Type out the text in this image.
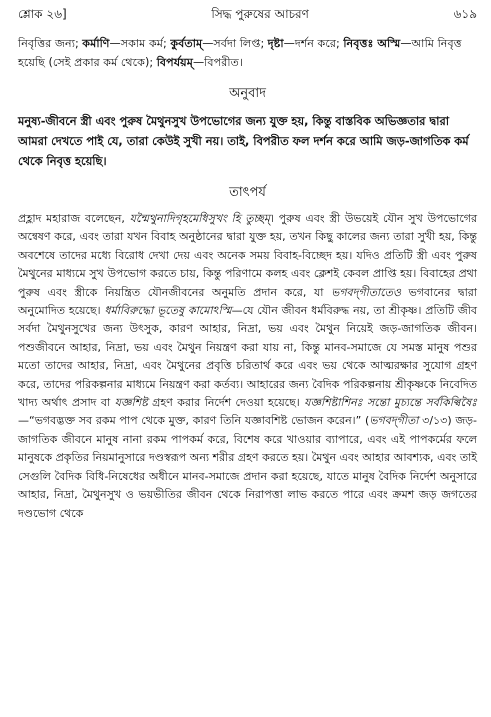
শ্লোক ২৬]	সিদ্ধ পুরুষের আচরণ	৬১৯
নিবৃত্তির জন্য; কর্মাণি—সকাম কর্ম; কুর্বতাম্—সর্বদা লিপ্ত; দৃষ্টা—দর্শন করে; নিবৃত্তঃ অস্মি—আমি নিবৃত্ত হয়েছি (সেই প্রকার কর্ম থেকে); বিপর্যয়ম্—বিপরীত।
অনুবাদ
মনুষ্য-জীবনে স্ত্রী এবং পুরুষ মৈথুনসুখ উপভোগের জন্য যুক্ত হয়, কিন্তু বাস্তবিক অভিজ্ঞতার দ্বারা আমরা দেখতে পাই যে, তারা কেউই সুখী নয়। তাই, বিপরীত ফল দর্শন করে আমি জড়-জাগতিক কর্ম থেকে নিবৃত্ত হয়েছি।
তাৎপর্য
প্রহ্লাদ মহারাজ বলেছেন, যন্মৈথুনাদিগৃহমেধিসুখং হি তুচ্ছম্। পুরুষ এবং স্ত্রী উভয়েই যৌন সুখ উপভোগের অন্বেষণ করে, এবং তারা যখন বিবাহ অনুষ্ঠানের দ্বারা যুক্ত হয়, তখন কিছু কালের জন্য তারা সুখী হয়, কিন্তু অবশেষে তাদের মধ্যে বিরোধ দেখা দেয় এবং অনেক সময় বিবাহ-বিচ্ছেদ হয়। যদিও প্রতিটি স্ত্রী এবং পুরুষ মৈথুনের মাধ্যমে সুখ উপভোগ করতে চায়, কিন্তু পরিণামে কলহ এবং ক্লেশই কেবল প্রাপ্তি হয়। বিবাহের প্রথা পুরুষ এবং স্ত্রীকে নিয়ন্ত্রিত যৌনজীবনের অনুমতি প্রদান করে, যা ভগবদ্‌গীতাতেও ভগবানের দ্বারা অনুমোদিত হয়েছে। ধর্মাবিরুদ্ধো ভূতেষু কামোঽস্মি—যে যৌন জীবন ধর্মবিরুদ্ধ নয়, তা শ্রীকৃষ্ণ। প্রতিটি জীব সর্বদা মৈথুনসুখের জন্য উৎসুক, কারণ আহার, নিদ্রা, ভয় এবং মৈথুন নিয়েই জড়-জাগতিক জীবন। পশুজীবনে আহার, নিদ্রা, ভয় এবং মৈথুন নিয়ন্ত্রণ করা যায় না, কিন্তু মানব-সমাজে যে সমস্ত মানুষ পশুর মতো তাদের আহার, নিদ্রা, এবং মৈথুনের প্রবৃত্তি চরিতার্থ করে এবং ভয় থেকে আত্মরক্ষার সুযোগ গ্রহণ করে, তাদের পরিকল্পনার মাধ্যমে নিয়ন্ত্রণ করা কর্তব্য। আহারের জন্য বৈদিক পরিকল্পনায় শ্রীকৃষ্ণকে নিবেদিত খাদ্য অর্থাৎ প্রসাদ বা যজ্ঞশিষ্ট গ্রহণ করার নির্দেশ দেওয়া হয়েছে। যজ্ঞশিষ্টাশিনঃ সন্তো মুচ্যন্তে সর্বকিল্বিষৈঃ—“ভগবদ্ভক্ত সব রকম পাপ থেকে মুক্ত, কারণ তিনি যজ্ঞাবশিষ্ট ভোজন করেন।” (ভগবদ্‌গীতা ৩/১৩) জড়-জাগতিক জীবনে মানুষ নানা রকম পাপকর্ম করে, বিশেষ করে খাওয়ার ব্যাপারে, এবং এই পাপকর্মের ফলে মানুষকে প্রকৃতির নিয়মানুসারে দণ্ডস্বরূপ অন্য শরীর গ্রহণ করতে হয়। মৈথুন এবং আহার আবশ্যক, এবং তাই সেগুলি বৈদিক বিধি-নিষেধের অধীনে মানব-সমাজে প্রদান করা হয়েছে, যাতে মানুষ বৈদিক নির্দেশ অনুসারে আহার, নিদ্রা, মৈথুনসুখ ও ভয়ভীতির জীবন থেকে নিরাপত্তা লাভ করতে পারে এবং ক্রমশ জড় জগতের দণ্ডভোগ থেকে
